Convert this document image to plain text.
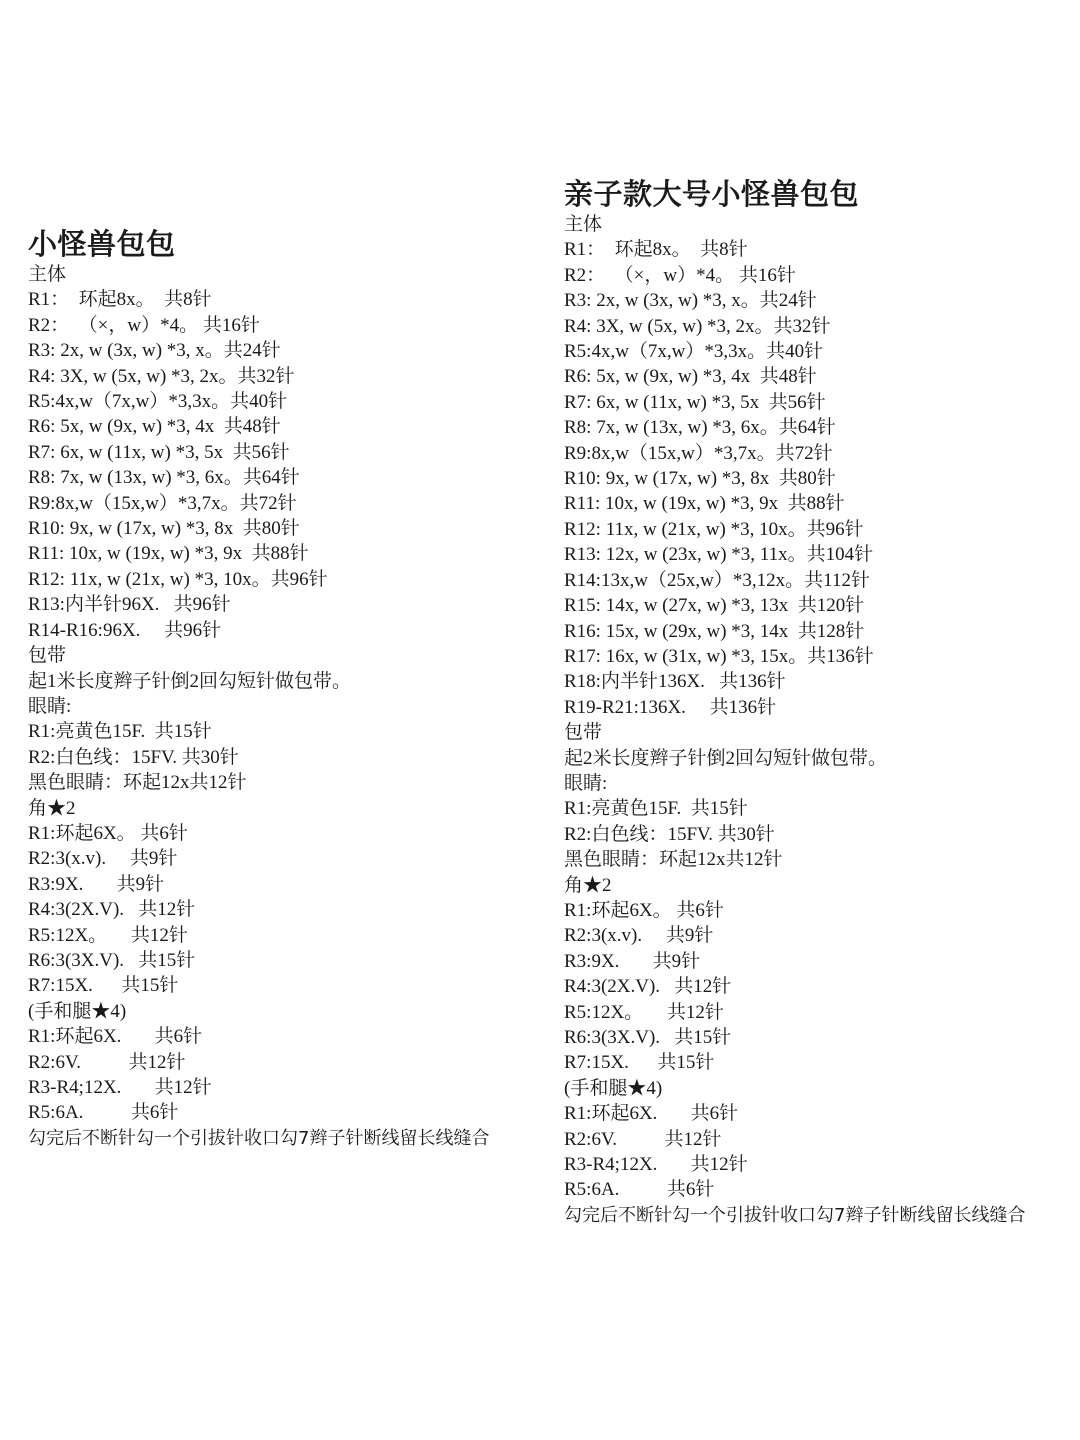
小怪兽包包
主体
R1：  环起8x。  共8针
R2：  （×，w）*4。 共16针
R3: 2x, w (3x, w) *3, x。共24针
R4: 3X, w (5x, w) *3, 2x。共32针
R5:4x,w（7x,w）*3,3x。共40针
R6: 5x, w (9x, w) *3, 4x  共48针
R7: 6x, w (11x, w) *3, 5x  共56针
R8: 7x, w (13x, w) *3, 6x。共64针
R9:8x,w（15x,w）*3,7x。共72针
R10: 9x, w (17x, w) *3, 8x  共80针
R11: 10x, w (19x, w) *3, 9x  共88针
R12: 11x, w (21x, w) *3, 10x。共96针
R13:内半针96X.   共96针
R14-R16:96X.     共96针
包带
起1米长度辫子针倒2回勾短针做包带。
眼睛:
R1:亮黄色15F.  共15针
R2:白色线：15FV. 共30针
黑色眼睛：环起12x共12针
角★2
R1:环起6X。 共6针
R2:3(x.v).     共9针
R3:9X.       共9针
R4:3(2X.V).   共12针
R5:12X。     共12针
R6:3(3X.V).   共15针
R7:15X.      共15针
(手和腿★4)
R1:环起6X.       共6针
R2:6V.          共12针
R3-R4;12X.       共12针
R5:6A.          共6针
勾完后不断针勾一个引拔针收口勾7辫子针断线留长线缝合
亲子款大号小怪兽包包
主体
R1：  环起8x。  共8针
R2：  （×，w）*4。 共16针
R3: 2x, w (3x, w) *3, x。共24针
R4: 3X, w (5x, w) *3, 2x。共32针
R5:4x,w（7x,w）*3,3x。共40针
R6: 5x, w (9x, w) *3, 4x  共48针
R7: 6x, w (11x, w) *3, 5x  共56针
R8: 7x, w (13x, w) *3, 6x。共64针
R9:8x,w（15x,w）*3,7x。共72针
R10: 9x, w (17x, w) *3, 8x  共80针
R11: 10x, w (19x, w) *3, 9x  共88针
R12: 11x, w (21x, w) *3, 10x。共96针
R13: 12x, w (23x, w) *3, 11x。共104针
R14:13x,w（25x,w）*3,12x。共112针
R15: 14x, w (27x, w) *3, 13x  共120针
R16: 15x, w (29x, w) *3, 14x  共128针
R17: 16x, w (31x, w) *3, 15x。共136针
R18:内半针136X.   共136针
R19-R21:136X.     共136针
包带
起2米长度辫子针倒2回勾短针做包带。
眼睛:
R1:亮黄色15F.  共15针
R2:白色线：15FV. 共30针
黑色眼睛：环起12x共12针
角★2
R1:环起6X。 共6针
R2:3(x.v).     共9针
R3:9X.       共9针
R4:3(2X.V).   共12针
R5:12X。     共12针
R6:3(3X.V).   共15针
R7:15X.      共15针
(手和腿★4)
R1:环起6X.       共6针
R2:6V.          共12针
R3-R4;12X.       共12针
R5:6A.          共6针
勾完后不断针勾一个引拔针收口勾7辫子针断线留长线缝合
